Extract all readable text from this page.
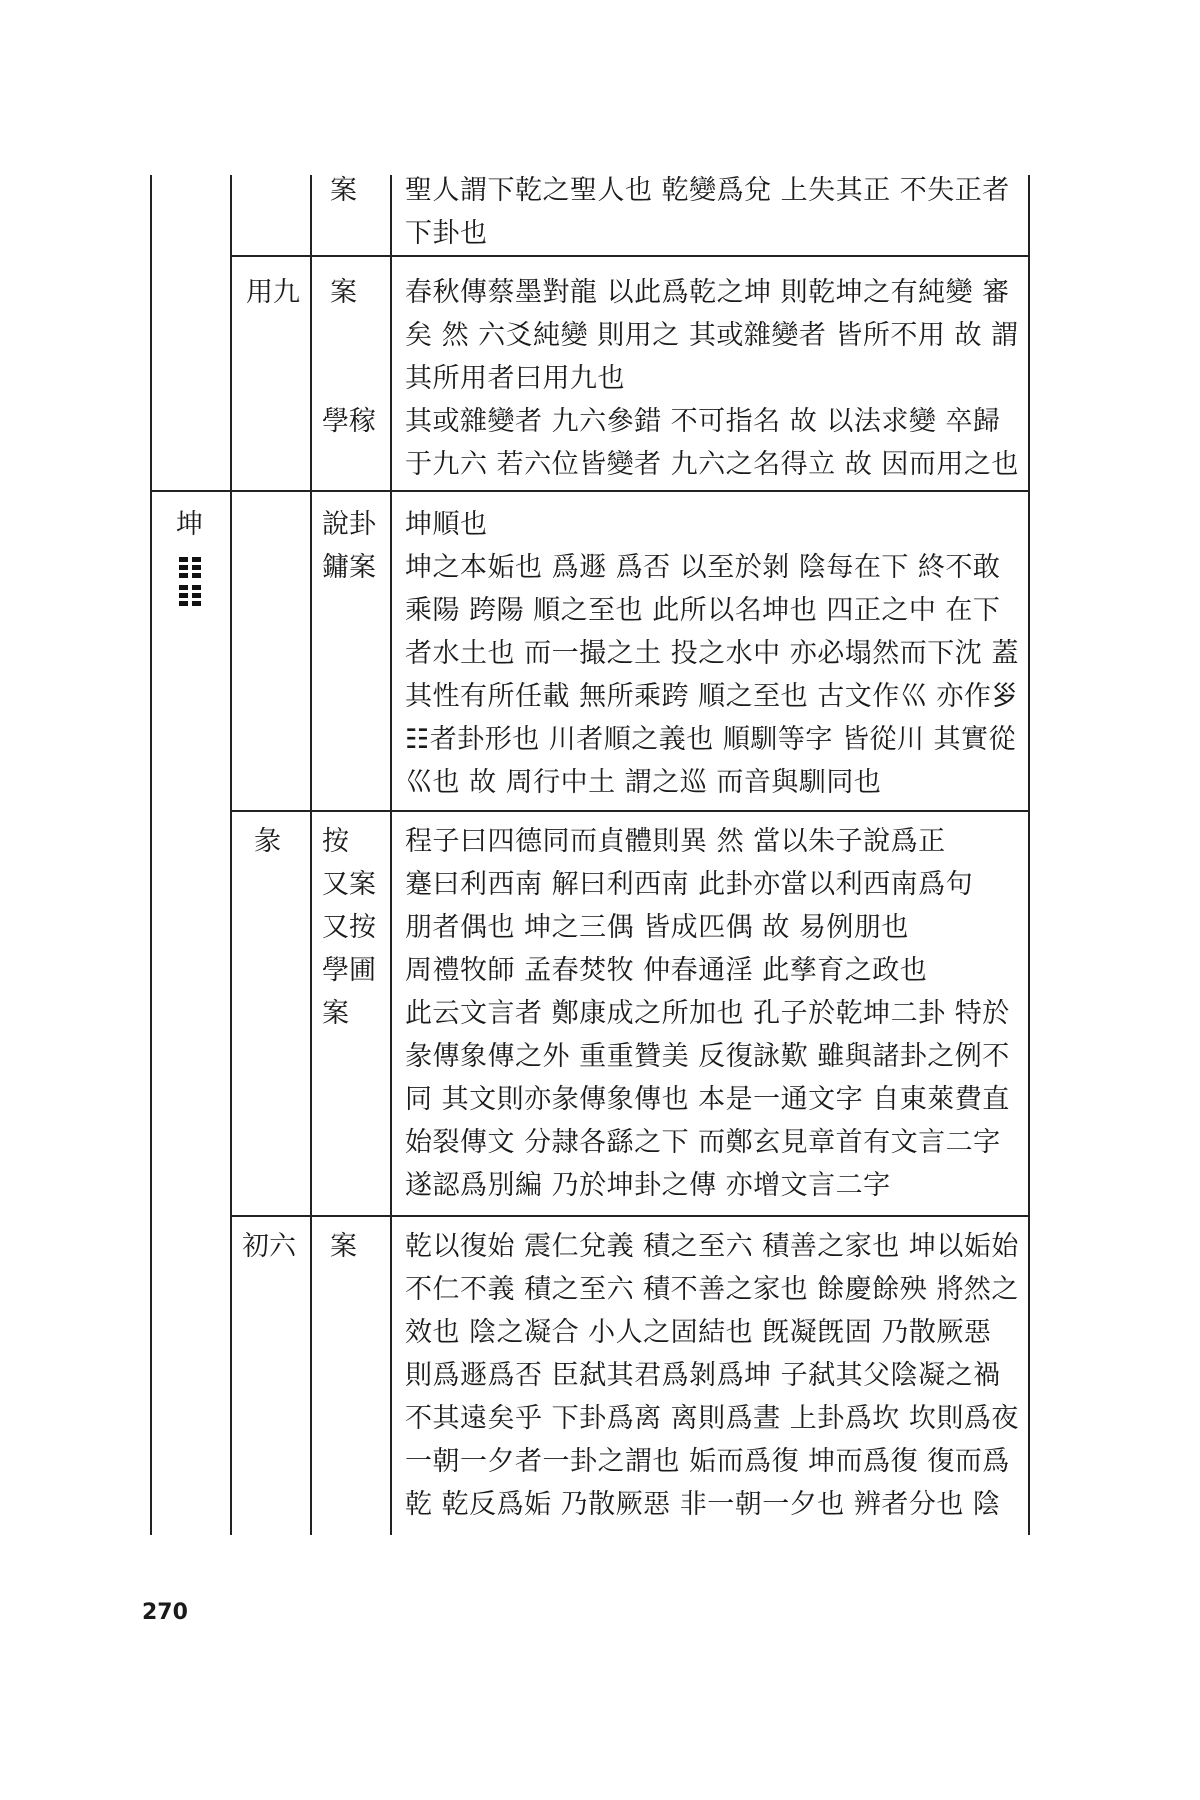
案 聖人謂下乾之聖人也 乾變爲兌 上失其正 不失正者
下卦也
用九 案 春秋傳蔡墨對龍 以此爲乾之坤 則乾坤之有純變 審
矣 然 六爻純變 則用之 其或雜變者 皆所不用 故 謂
其所用者曰用九也
學稼 其或雜變者 九六參錯 不可指名 故 以法求變 卒歸
于九六 若六位皆變者 九六之名得立 故 因而用之也
坤	說卦
鏞案
坤順也
坤之本姤也 爲遯 爲否 以至於剝 陰每在下 終不敢
乘陽 跨陽 順之至也 此所以名坤也 四正之中 在下
者水土也 而一撮之土 投之水中 亦必塌然而下沈 蓋
其性有所任載 無所乘跨 順之至也 古文作巛 亦作𡿪
☷者卦形也 川者順之義也 順馴等字 皆從川 其實從
巛也 故 周行中土 謂之巡 而音與馴同也
彖 按
又案
又按
學圃
案
程子曰四德同而貞體則異 然 當以朱子說爲正
蹇曰利西南 解曰利西南 此卦亦當以利西南爲句
朋者偶也 坤之三偶 皆成匹偶 故 易例朋也
周禮牧師 孟春焚牧 仲春通淫 此孳育之政也
此云文言者 鄭康成之所加也 孔子於乾坤二卦 特於
彖傳象傳之外 重重贊美 反復詠歎 雖與諸卦之例不
同 其文則亦彖傳象傳也 本是一通文字 自東萊費直
始裂傳文 分隷各繇之下 而鄭玄見章首有文言二字
遂認爲別編 乃於坤卦之傳 亦增文言二字
初六 案 乾以復始 震仁兌義 積之至六 積善之家也 坤以姤始
不仁不義 積之至六 積不善之家也 餘慶餘殃 將然之
效也 陰之凝合 小人之固結也 旣凝旣固 乃散厥惡
則爲遯爲否 臣弑其君爲剝爲坤 子弑其父陰凝之禍
不其遠矣乎 下卦爲离 离則爲晝 上卦爲坎 坎則爲夜
一朝一夕者一卦之謂也 姤而爲復 坤而爲復 復而爲
乾 乾反爲姤 乃散厥惡 非一朝一夕也 辨者分也 陰
270
